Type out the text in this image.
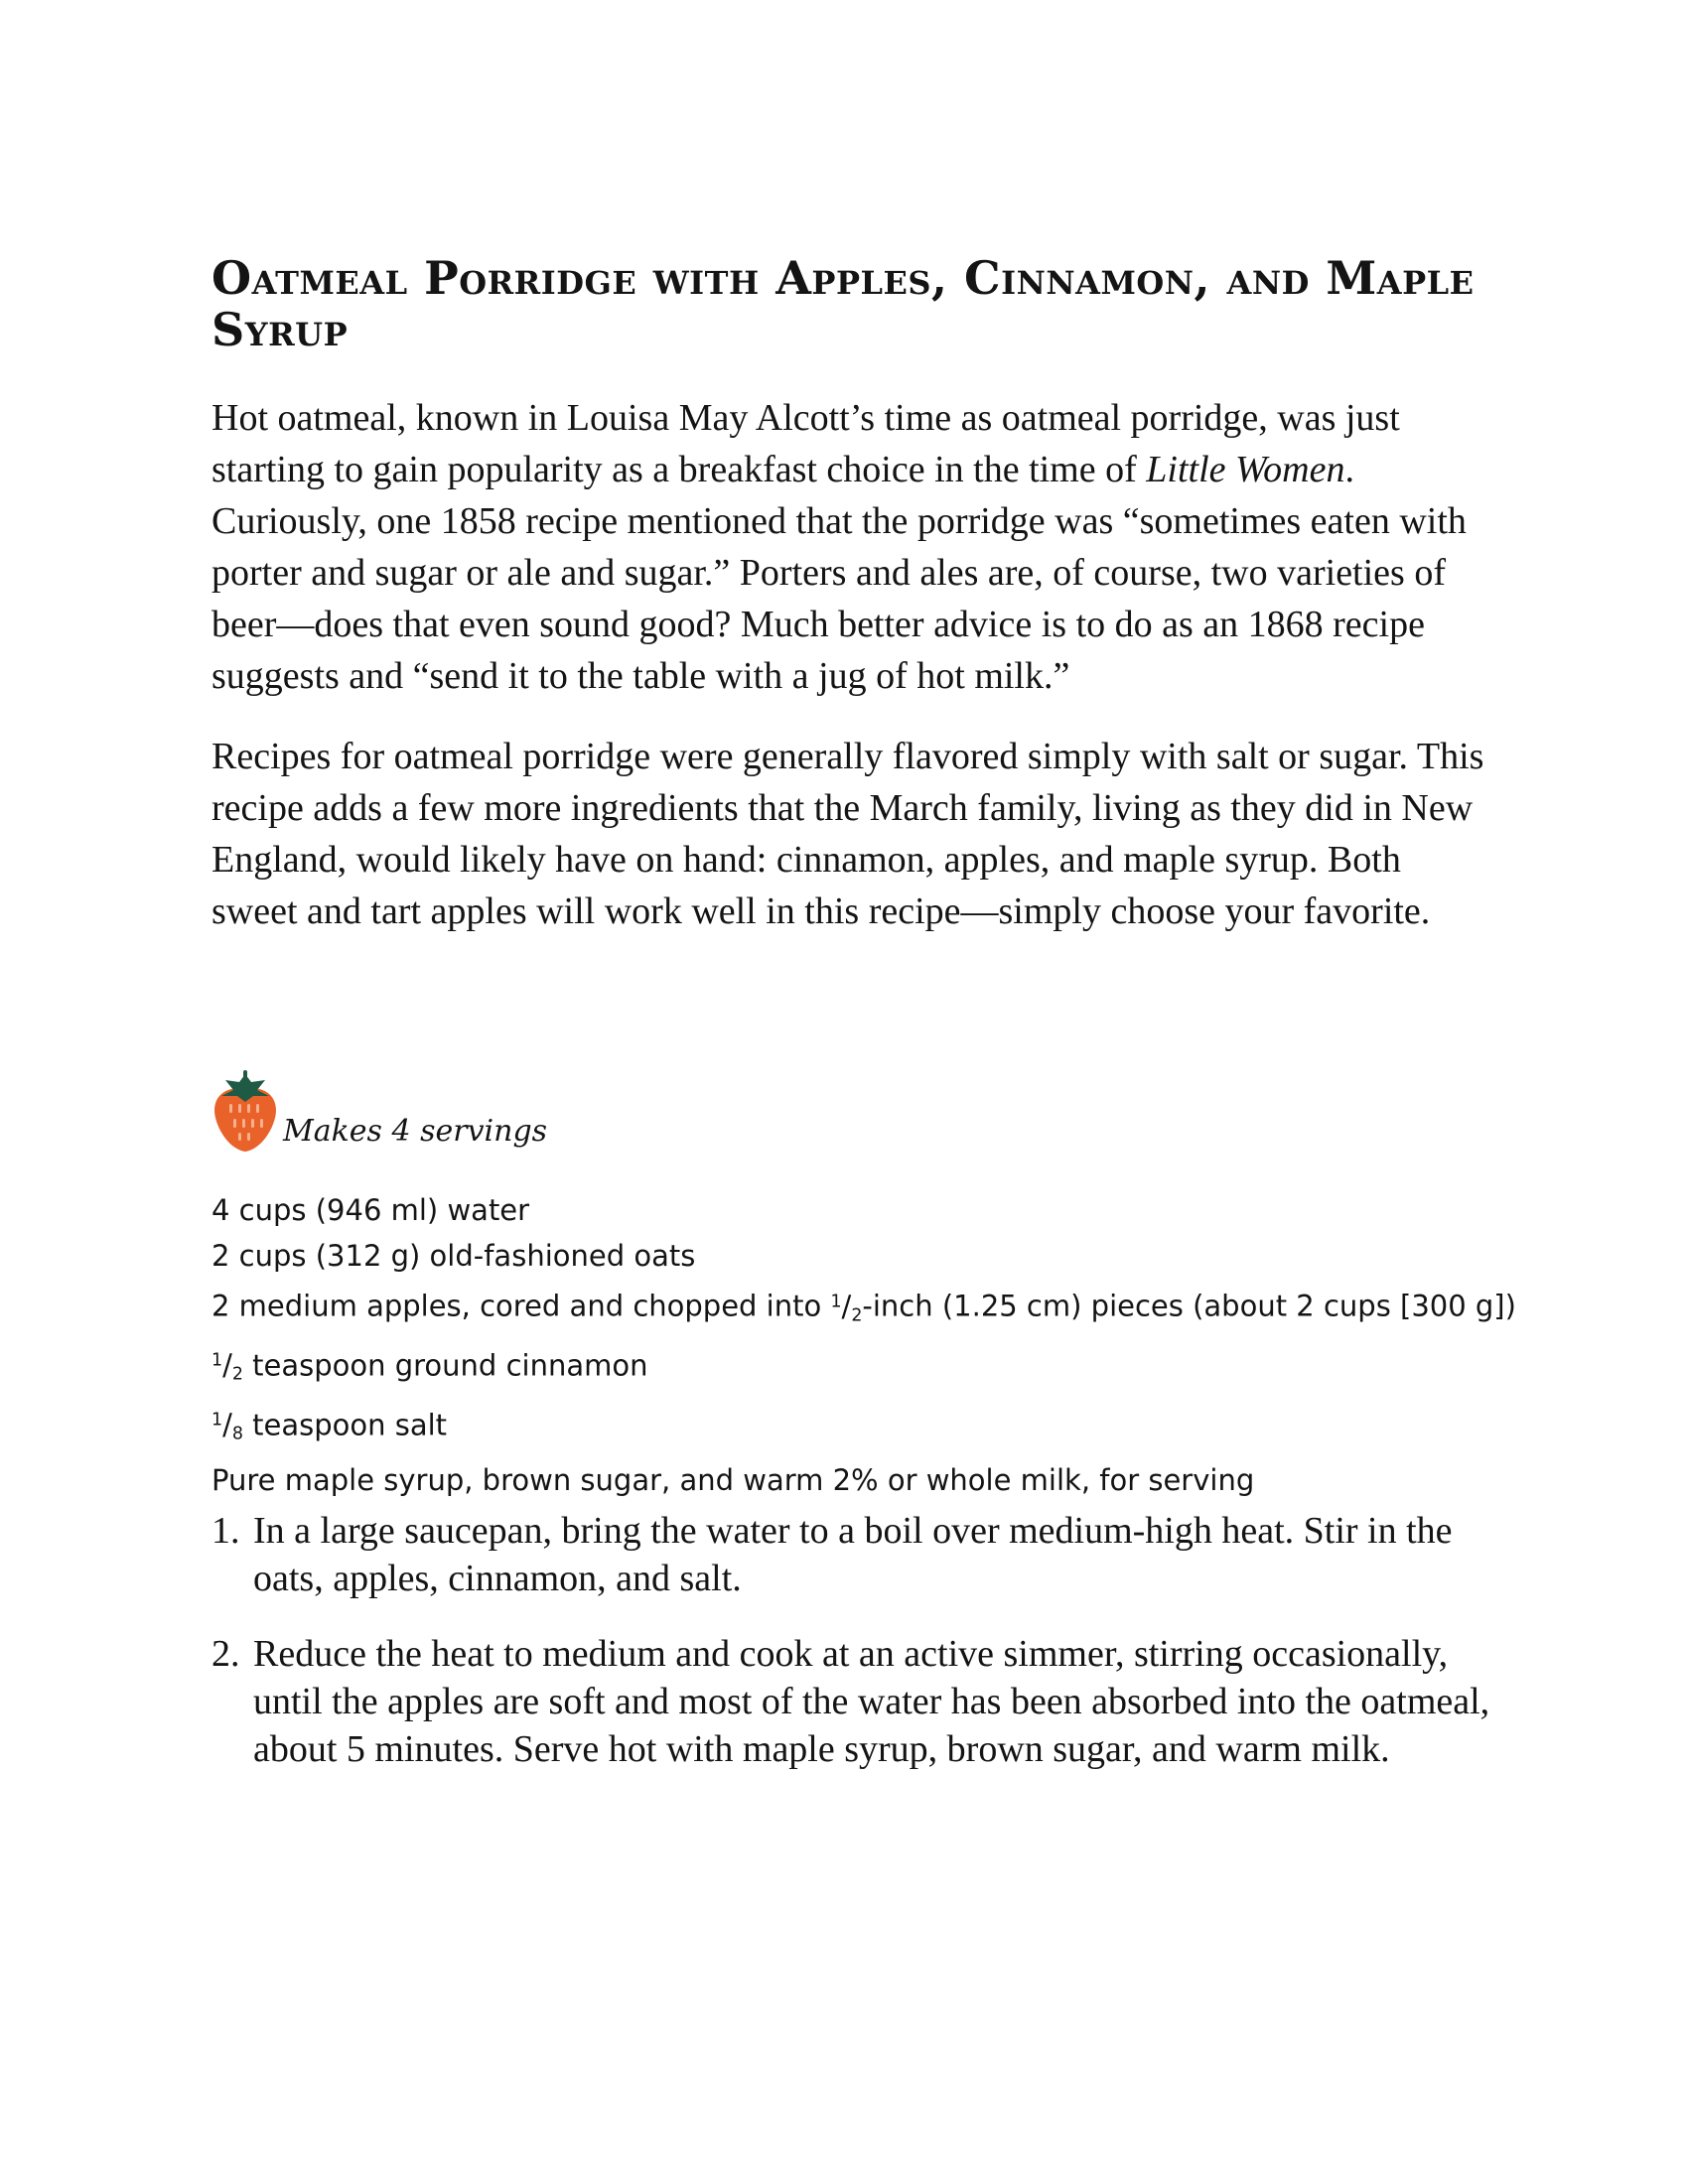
Oatmeal Porridge with Apples, Cinnamon, and Maple Syrup

Hot oatmeal, known in Louisa May Alcott’s time as oatmeal porridge, was just starting to gain popularity as a breakfast choice in the time of Little Women. Curiously, one 1858 recipe mentioned that the porridge was “sometimes eaten with porter and sugar or ale and sugar.” Porters and ales are, of course, two varieties of beer—does that even sound good? Much better advice is to do as an 1868 recipe suggests and “send it to the table with a jug of hot milk.”

Recipes for oatmeal porridge were generally flavored simply with salt or sugar. This recipe adds a few more ingredients that the March family, living as they did in New England, would likely have on hand: cinnamon, apples, and maple syrup. Both sweet and tart apples will work well in this recipe—simply choose your favorite.

Makes 4 servings
4 cups (946 ml) water
2 cups (312 g) old-fashioned oats
2 medium apples, cored and chopped into $^1/_2$-inch (1.25 cm) pieces (about 2 cups [300 g])
$^1/_2$ teaspoon ground cinnamon
$^1/_8$ teaspoon salt
Pure maple syrup, brown sugar, and warm 2% or whole milk, for serving
1. In a large saucepan, bring the water to a boil over medium-high heat. Stir in the oats, apples, cinnamon, and salt.
2. Reduce the heat to medium and cook at an active simmer, stirring occasionally, until the apples are soft and most of the water has been absorbed into the oatmeal, about 5 minutes. Serve hot with maple syrup, brown sugar, and warm milk.
